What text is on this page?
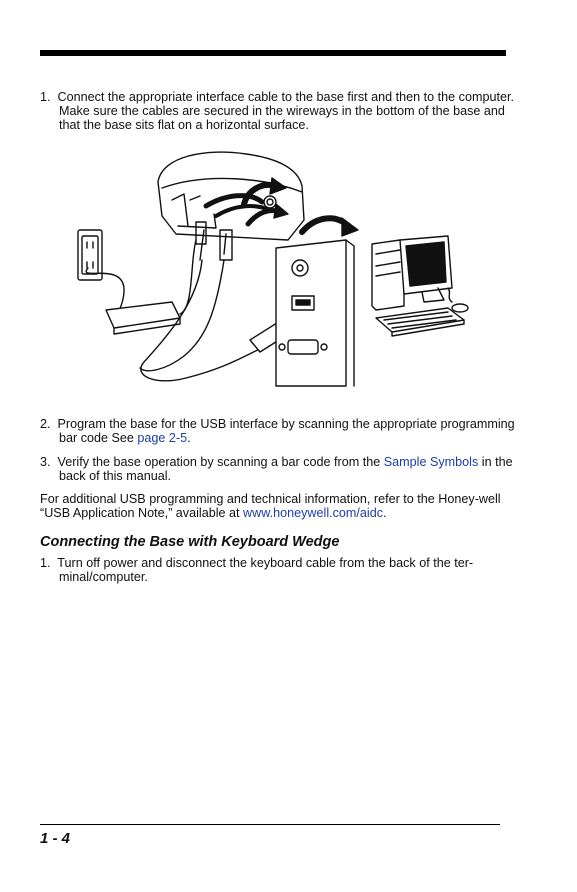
1. Connect the appropriate interface cable to the base first and then to the computer. Make sure the cables are secured in the wireways in the bottom of the base and that the base sits flat on a horizontal surface.
2. Program the base for the USB interface by scanning the appropriate programming bar code See page 2-5.
3. Verify the base operation by scanning a bar code from the Sample Symbols in the back of this manual.
For additional USB programming and technical information, refer to the Honey-well “USB Application Note,” available at www.honeywell.com/aidc.
Connecting the Base with Keyboard Wedge
1. Turn off power and disconnect the keyboard cable from the back of the ter-minal/computer.
1 - 4
